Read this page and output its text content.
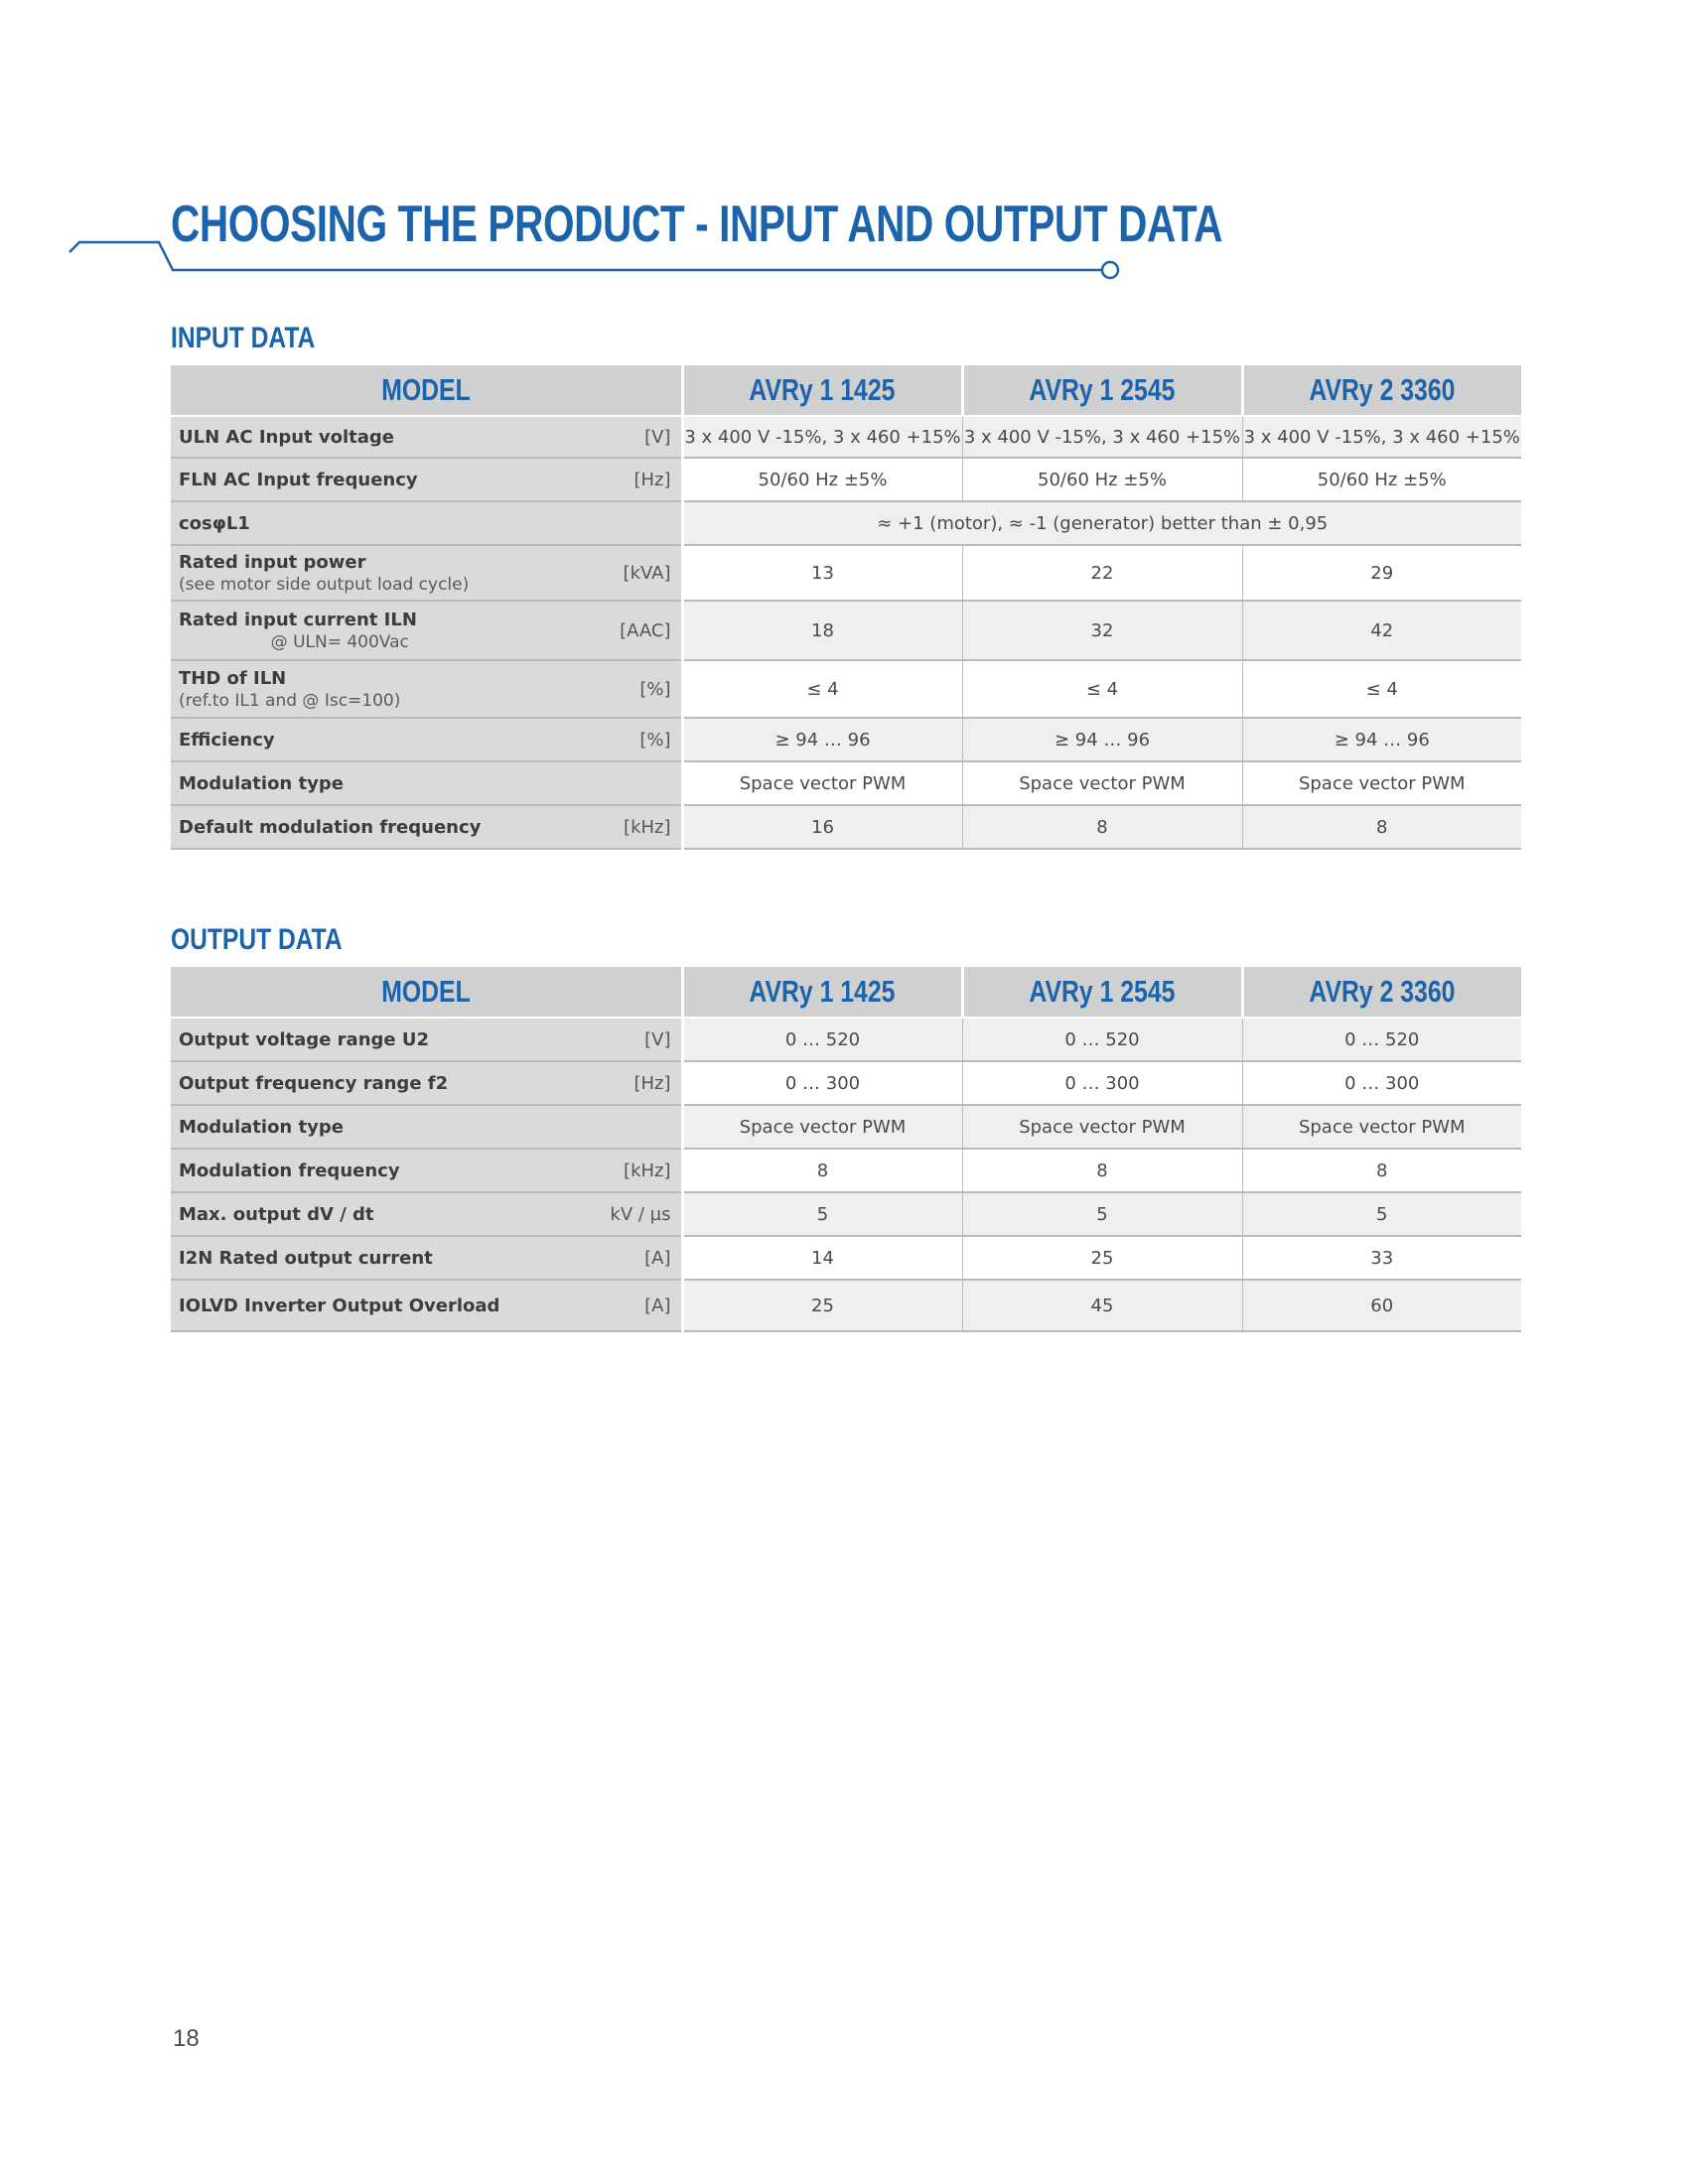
CHOOSING THE PRODUCT - INPUT AND OUTPUT DATA
INPUT DATA
MODEL	AVRy 1 1425	AVRy 1 2545	AVRy 2 3360

ULN AC Input voltage [V]	3 x 400 V -15%, 3 x 460 +15%	3 x 400 V -15%, 3 x 460 +15%	3 x 400 V -15%, 3 x 460 +15%

FLN AC Input frequency [Hz]	50/60 Hz ±5%	50/60 Hz ±5%	50/60 Hz ±5%

cosφL1	≈ +1 (motor), ≈ -1 (generator) better than ± 0,95		

Rated input power
(see motor side output load cycle)
[kVA]	13	22	29

Rated input current ILN
@ ULN= 400Vac
[AAC]	18	32	42

THD of ILN
(ref.to IL1 and @ Isc=100)
[%]	≤ 4	≤ 4	≤ 4

Efficiency [%]	≥ 94 … 96	≥ 94 … 96	≥ 94 … 96

Modulation type	Space vector PWM	Space vector PWM	Space vector PWM

Default modulation frequency [kHz]	16	8	8
OUTPUT DATA
MODEL	AVRy 1 1425	AVRy 1 2545	AVRy 2 3360

Output voltage range U2 [V]	0 … 520	0 … 520	0 … 520

Output frequency range f2 [Hz]	0 … 300	0 … 300	0 … 300

Modulation type	Space vector PWM	Space vector PWM	Space vector PWM

Modulation frequency [kHz]	8	8	8

Max. output dV / dt kV / µs	5	5	5

I2N Rated output current [A]	14	25	33

IOLVD Inverter Output Overload [A]	25	45	60
18
